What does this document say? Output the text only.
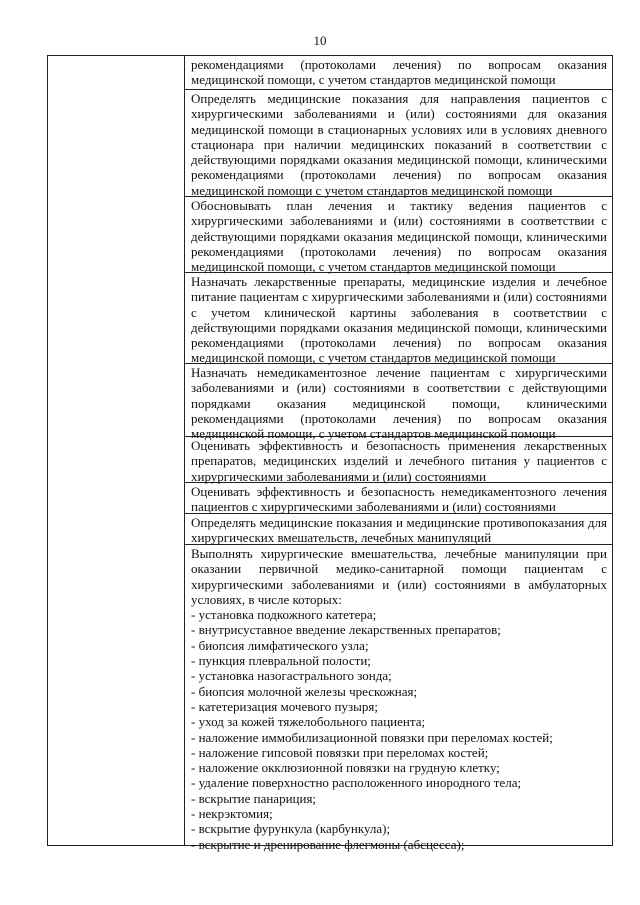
10
рекомендациями (протоколами лечения) по вопросам оказания
медицинской помощи, с учетом стандартов медицинской помощи
Определять медицинские показания для направления пациентов с
хирургическими заболеваниями и (или) состояниями для оказания
медицинской помощи в стационарных условиях или в условиях дневного
стационара при наличии медицинских показаний в соответствии с
действующими порядками оказания медицинской помощи, клиническими
рекомендациями (протоколами лечения) по вопросам оказания
медицинской помощи с учетом стандартов медицинской помощи
Обосновывать план лечения и тактику ведения пациентов с
хирургическими заболеваниями и (или) состояниями в соответствии с
действующими порядками оказания медицинской помощи, клиническими
рекомендациями (протоколами лечения) по вопросам оказания
медицинской помощи, с учетом стандартов медицинской помощи
Назначать лекарственные препараты, медицинские изделия и лечебное
питание пациентам с хирургическими заболеваниями и (или) состояниями
с учетом клинической картины заболевания в соответствии с
действующими порядками оказания медицинской помощи, клиническими
рекомендациями (протоколами лечения) по вопросам оказания
медицинской помощи, с учетом стандартов медицинской помощи
Назначать немедикаментозное лечение пациентам с хирургическими
заболеваниями и (или) состояниями в соответствии с действующими
порядками оказания медицинской помощи, клиническими
рекомендациями (протоколами лечения) по вопросам оказания
медицинской помощи, с учетом стандартов медицинской помощи
Оценивать эффективность и безопасность применения лекарственных
препаратов, медицинских изделий и лечебного питания у пациентов с
хирургическими заболеваниями и (или) состояниями
Оценивать эффективность и безопасность немедикаментозного лечения
пациентов с хирургическими заболеваниями и (или) состояниями
Определять медицинские показания и медицинские противопоказания для
хирургических вмешательств, лечебных манипуляций
Выполнять хирургические вмешательства, лечебные манипуляции при
оказании первичной медико-санитарной помощи пациентам с
хирургическими заболеваниями и (или) состояниями в амбулаторных
условиях, в числе которых:
- установка подкожного катетера;
- внутрисуставное введение лекарственных препаратов;
- биопсия лимфатического узла;
- пункция плевральной полости;
- установка назогастрального зонда;
- биопсия молочной железы чрескожная;
- катетеризация мочевого пузыря;
- уход за кожей тяжелобольного пациента;
- наложение иммобилизационной повязки при переломах костей;
- наложение гипсовой повязки при переломах костей;
- наложение окклюзионной повязки на грудную клетку;
- удаление поверхностно расположенного инородного тела;
- вскрытие панариция;
- некрэктомия;
- вскрытие фурункула (карбункула);
- вскрытие и дренирование флегмоны (абсцесса);
